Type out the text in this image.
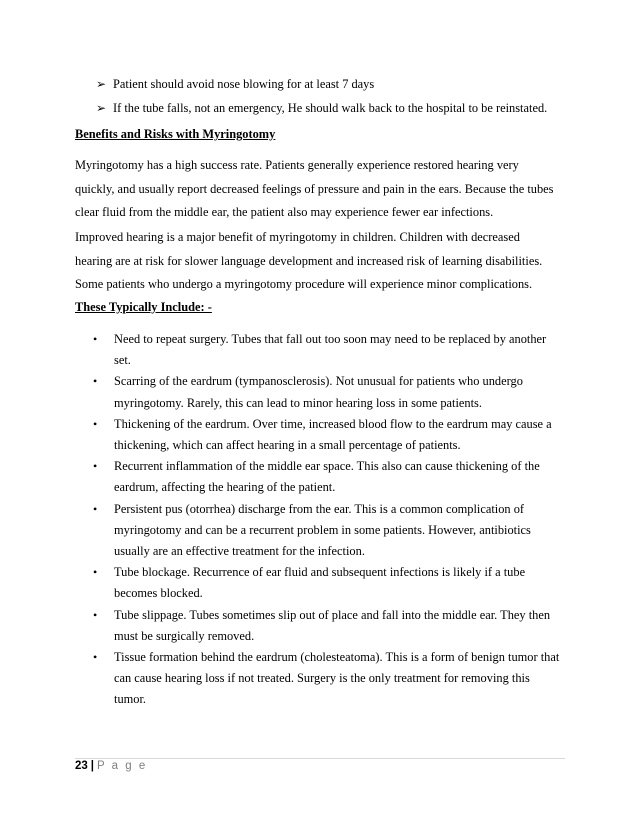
➢ Patient should avoid nose blowing for at least 7 days
➢ If the tube falls, not an emergency, He should walk back to the hospital to be reinstated.
Benefits and Risks with Myringotomy

Myringotomy has a high success rate. Patients generally experience restored hearing very
quickly, and usually report decreased feelings of pressure and pain in the ears. Because the tubes
clear fluid from the middle ear, the patient also may experience fewer ear infections.

Improved hearing is a major benefit of myringotomy in children. Children with decreased
hearing are at risk for slower language development and increased risk of learning disabilities.
Some patients who undergo a myringotomy procedure will experience minor complications.

These Typically Include: -
• Need to repeat surgery. Tubes that fall out too soon may need to be replaced by another
set.
• Scarring of the eardrum (tympanosclerosis). Not unusual for patients who undergo
myringotomy. Rarely, this can lead to minor hearing loss in some patients.
• Thickening of the eardrum. Over time, increased blood flow to the eardrum may cause a
thickening, which can affect hearing in a small percentage of patients.
• Recurrent inflammation of the middle ear space. This also can cause thickening of the
eardrum, affecting the hearing of the patient.
• Persistent pus (otorrhea) discharge from the ear. This is a common complication of
myringotomy and can be a recurrent problem in some patients. However, antibiotics
usually are an effective treatment for the infection.
• Tube blockage. Recurrence of ear fluid and subsequent infections is likely if a tube
becomes blocked.
• Tube slippage. Tubes sometimes slip out of place and fall into the middle ear. They then
must be surgically removed.
• Tissue formation behind the eardrum (cholesteatoma). This is a form of benign tumor that
can cause hearing loss if not treated. Surgery is the only treatment for removing this
tumor.
23 | P a g e
